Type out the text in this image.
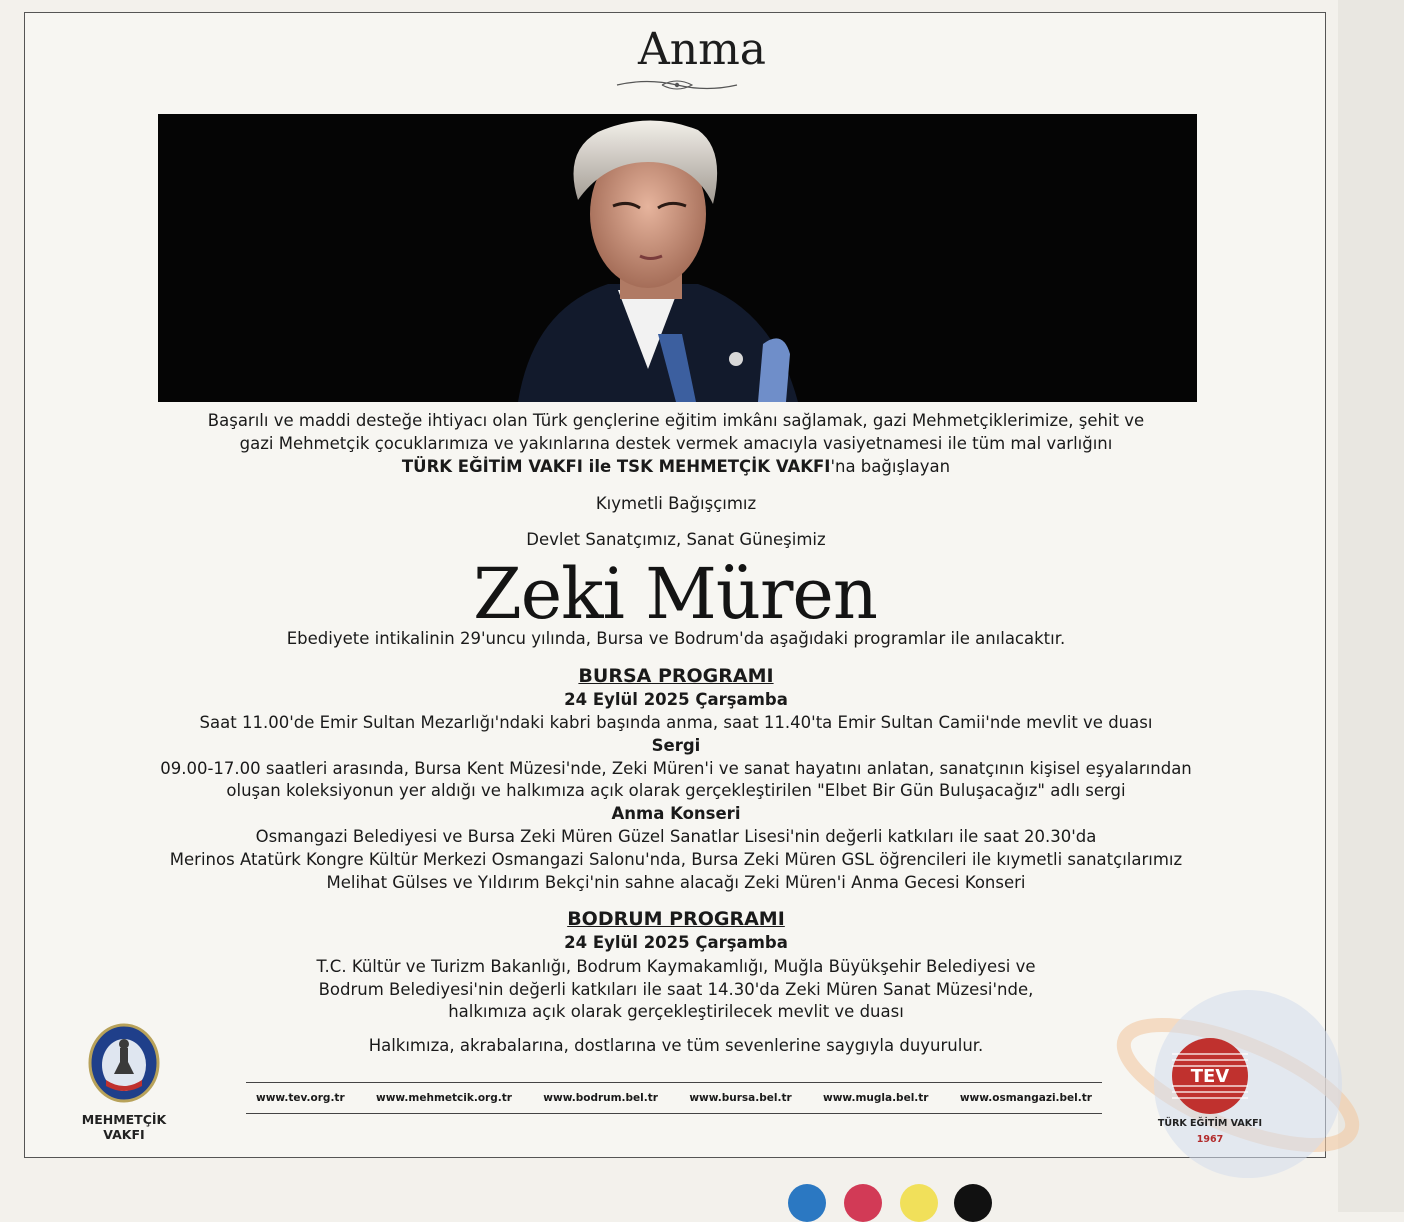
Anma
Başarılı ve maddi desteğe ihtiyacı olan Türk gençlerine eğitim imkânı sağlamak, gazi Mehmetçiklerimize, şehit ve
gazi Mehmetçik çocuklarımıza ve yakınlarına destek vermek amacıyla vasiyetnamesi ile tüm mal varlığını
TÜRK EĞİTİM VAKFI ile TSK MEHMETÇİK VAKFI'na bağışlayan
Kıymetli Bağışçımız
Devlet Sanatçımız, Sanat Güneşimiz
Zeki Müren
Ebediyete intikalinin 29'uncu yılında, Bursa ve Bodrum'da aşağıdaki programlar ile anılacaktır.
BURSA PROGRAMI
24 Eylül 2025 Çarşamba
Saat 11.00'de Emir Sultan Mezarlığı'ndaki kabri başında anma, saat 11.40'ta Emir Sultan Camii'nde mevlit ve duası
Sergi
09.00-17.00 saatleri arasında, Bursa Kent Müzesi'nde, Zeki Müren'i ve sanat hayatını anlatan, sanatçının kişisel eşyalarından
oluşan koleksiyonun yer aldığı ve halkımıza açık olarak gerçekleştirilen "Elbet Bir Gün Buluşacağız" adlı sergi
Anma Konseri
Osmangazi Belediyesi ve Bursa Zeki Müren Güzel Sanatlar Lisesi'nin değerli katkıları ile saat 20.30'da
Merinos Atatürk Kongre Kültür Merkezi Osmangazi Salonu'nda, Bursa Zeki Müren GSL öğrencileri ile kıymetli sanatçılarımız
Melihat Gülses ve Yıldırım Bekçi'nin sahne alacağı Zeki Müren'i Anma Gecesi Konseri
BODRUM PROGRAMI
24 Eylül 2025 Çarşamba
T.C. Kültür ve Turizm Bakanlığı, Bodrum Kaymakamlığı, Muğla Büyükşehir Belediyesi ve
Bodrum Belediyesi'nin değerli katkıları ile saat 14.30'da Zeki Müren Sanat Müzesi'nde,
halkımıza açık olarak gerçekleştirilecek mevlit ve duası
Halkımıza, akrabalarına, dostlarına ve tüm sevenlerine saygıyla duyurulur.
www.tev.org.tr	www.mehmetcik.org.tr	www.bodrum.bel.tr	www.bursa.bel.tr	www.mugla.bel.tr	www.osmangazi.bel.tr
MEHMETÇİK
VAKFI
TEV
TÜRK EĞİTİM VAKFI
1967
